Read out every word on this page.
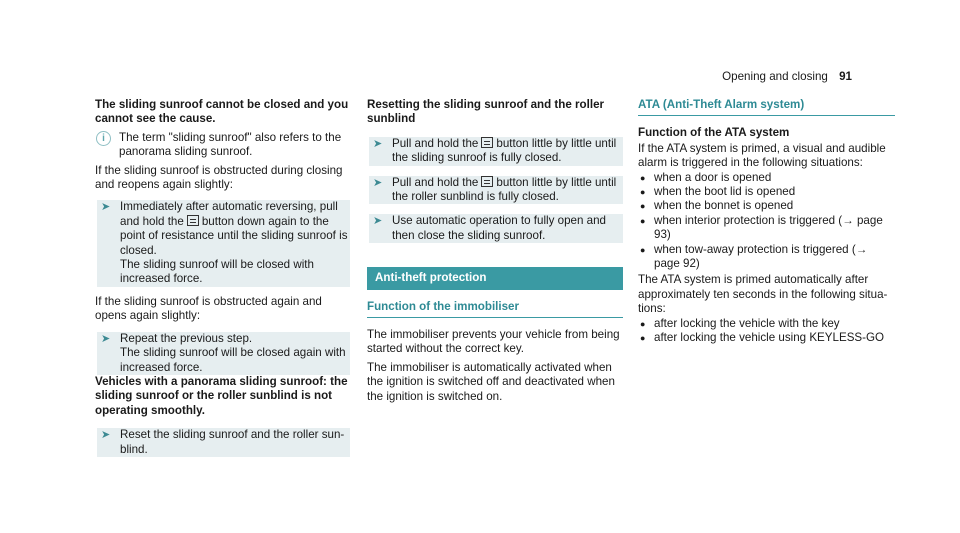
Opening and closing 91

The sliding sunroof cannot be closed and you cannot see the cause.

i	The term "sliding sunroof" also refers to the panorama sliding sunroof.

If the sliding sunroof is obstructed during closing and reopens again slightly:

➤ Immediately after automatic reversing, pull and hold the button down again to the point of resistance until the sliding sunroof is closed.
The sliding sunroof will be closed with increased force.

If the sliding sunroof is obstructed again and opens again slightly:

➤ Repeat the previous step.
The sliding sunroof will be closed again with increased force.

Vehicles with a panorama sliding sunroof: the sliding sunroof or the roller sunblind is not operating smoothly.

➤ Reset the sliding sunroof and the roller sun-blind.

Resetting the sliding sunroof and the roller sunblind

➤ Pull and hold the button little by little until the sliding sunroof is fully closed.
➤ Pull and hold the button little by little until the roller sunblind is fully closed.
➤ Use automatic operation to fully open and then close the sliding sunroof.
Anti-theft protection
Function of the immobiliser

The immobiliser prevents your vehicle from being started without the correct key.

The immobiliser is automatically activated when the ignition is switched off and deactivated when the ignition is switched on.

ATA (Anti-Theft Alarm system)

Function of the ATA system

If the ATA system is primed, a visual and audible alarm is triggered in the following situations:

● when a door is opened
● when the boot lid is opened
● when the bonnet is opened
● when interior protection is triggered (→ page 93)
● when tow-away protection is triggered (→ page 92)

The ATA system is primed automatically after approximately ten seconds in the following situa-tions:

● after locking the vehicle with the key
● after locking the vehicle using KEYLESS-GO
